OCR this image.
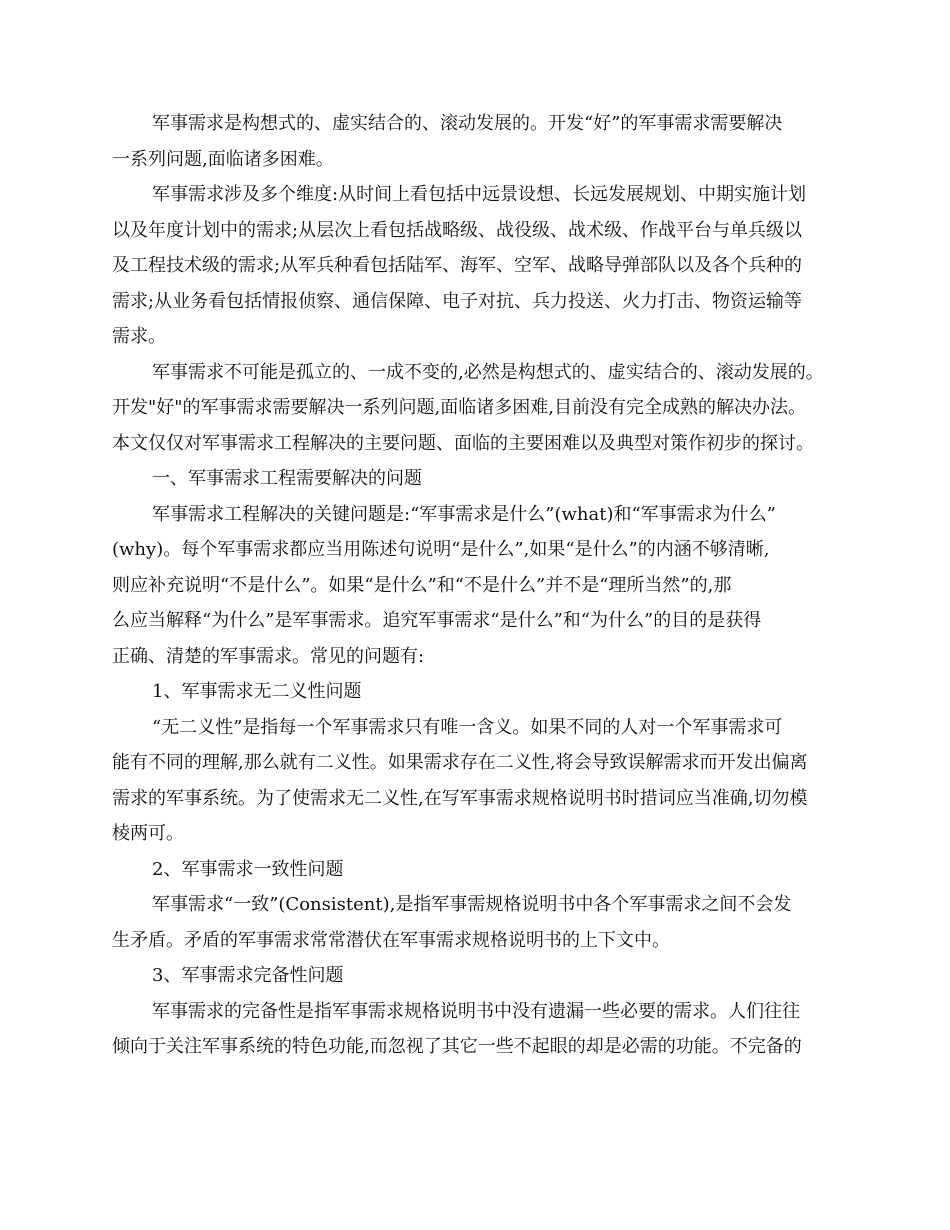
军事需求是构想式的、虚实结合的、滚动发展的。开发“好”的军事需求需要解决
一系列问题,面临诸多困难。
军事需求涉及多个维度:从时间上看包括中远景设想、长远发展规划、中期实施计划
以及年度计划中的需求;从层次上看包括战略级、战役级、战术级、作战平台与单兵级以
及工程技术级的需求;从军兵种看包括陆军、海军、空军、战略导弹部队以及各个兵种的
需求;从业务看包括情报侦察、通信保障、电子对抗、兵力投送、火力打击、物资运输等
需求。
军事需求不可能是孤立的、一成不变的,必然是构想式的、虚实结合的、滚动发展的。
开发"好"的军事需求需要解决一系列问题,面临诸多困难,目前没有完全成熟的解决办法。
本文仅仅对军事需求工程解决的主要问题、面临的主要困难以及典型对策作初步的探讨。
一、军事需求工程需要解决的问题
军事需求工程解决的关键问题是:“军事需求是什么”(what)和“军事需求为什么”
(why)。每个军事需求都应当用陈述句说明“是什么”,如果“是什么”的内涵不够清晰,
则应补充说明“不是什么”。如果“是什么”和“不是什么”并不是“理所当然”的,那
么应当解释“为什么”是军事需求。追究军事需求“是什么”和“为什么”的目的是获得
正确、清楚的军事需求。常见的问题有:
1、军事需求无二义性问题
“无二义性”是指每一个军事需求只有唯一含义。如果不同的人对一个军事需求可
能有不同的理解,那么就有二义性。如果需求存在二义性,将会导致误解需求而开发出偏离
需求的军事系统。为了使需求无二义性,在写军事需求规格说明书时措词应当准确,切勿模
棱两可。
2、军事需求一致性问题
军事需求“一致”(Consistent),是指军事需规格说明书中各个军事需求之间不会发
生矛盾。矛盾的军事需求常常潜伏在军事需求规格说明书的上下文中。
3、军事需求完备性问题
军事需求的完备性是指军事需求规格说明书中没有遗漏一些必要的需求。人们往往
倾向于关注军事系统的特色功能,而忽视了其它一些不起眼的却是必需的功能。不完备的
